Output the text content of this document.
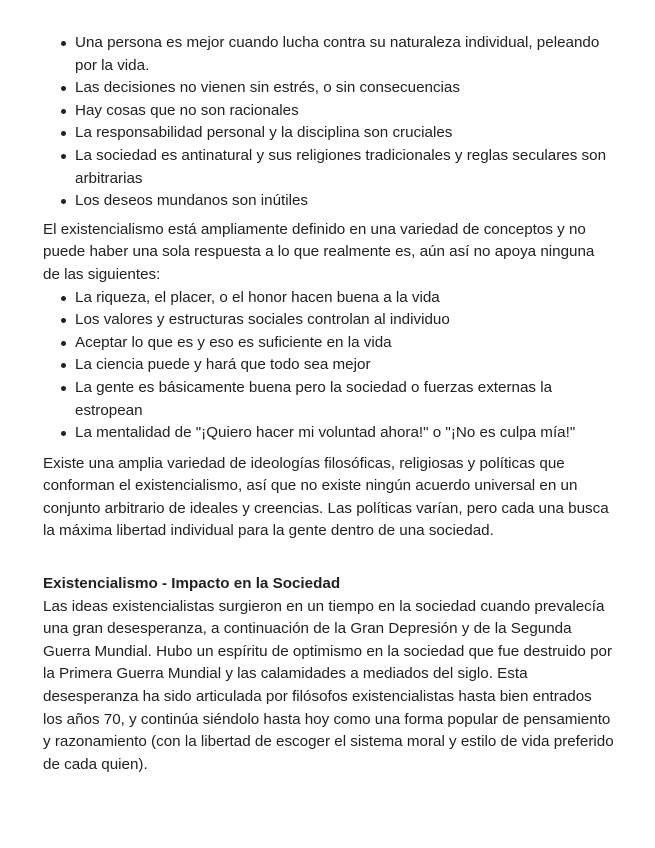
Una persona es mejor cuando lucha contra su naturaleza individual, peleando por la vida.
Las decisiones no vienen sin estrés, o sin consecuencias
Hay cosas que no son racionales
La responsabilidad personal y la disciplina son cruciales
La sociedad es antinatural y sus religiones tradicionales y reglas seculares son arbitrarias
Los deseos mundanos son inútiles

El existencialismo está ampliamente definido en una variedad de conceptos y no puede haber una sola respuesta a lo que realmente es, aún así no apoya ninguna de las siguientes:

La riqueza, el placer, o el honor hacen buena a la vida
Los valores y estructuras sociales controlan al individuo
Aceptar lo que es y eso es suficiente en la vida
La ciencia puede y hará que todo sea mejor
La gente es básicamente buena pero la sociedad o fuerzas externas la estropean
La mentalidad de "¡Quiero hacer mi voluntad ahora!" o "¡No es culpa mía!"

Existe una amplia variedad de ideologías filosóficas, religiosas y políticas que conforman el existencialismo, así que no existe ningún acuerdo universal en un conjunto arbitrario de ideales y creencias. Las políticas varían, pero cada una busca la máxima libertad individual para la gente dentro de una sociedad.

Existencialismo - Impacto en la Sociedad

Las ideas existencialistas surgieron en un tiempo en la sociedad cuando prevalecía una gran desesperanza, a continuación de la Gran Depresión y de la Segunda Guerra Mundial. Hubo un espíritu de optimismo en la sociedad que fue destruido por la Primera Guerra Mundial y las calamidades a mediados del siglo. Esta desesperanza ha sido articulada por filósofos existencialistas hasta bien entrados los años 70, y continúa siéndolo hasta hoy como una forma popular de pensamiento y razonamiento (con la libertad de escoger el sistema moral y estilo de vida preferido de cada quien).
